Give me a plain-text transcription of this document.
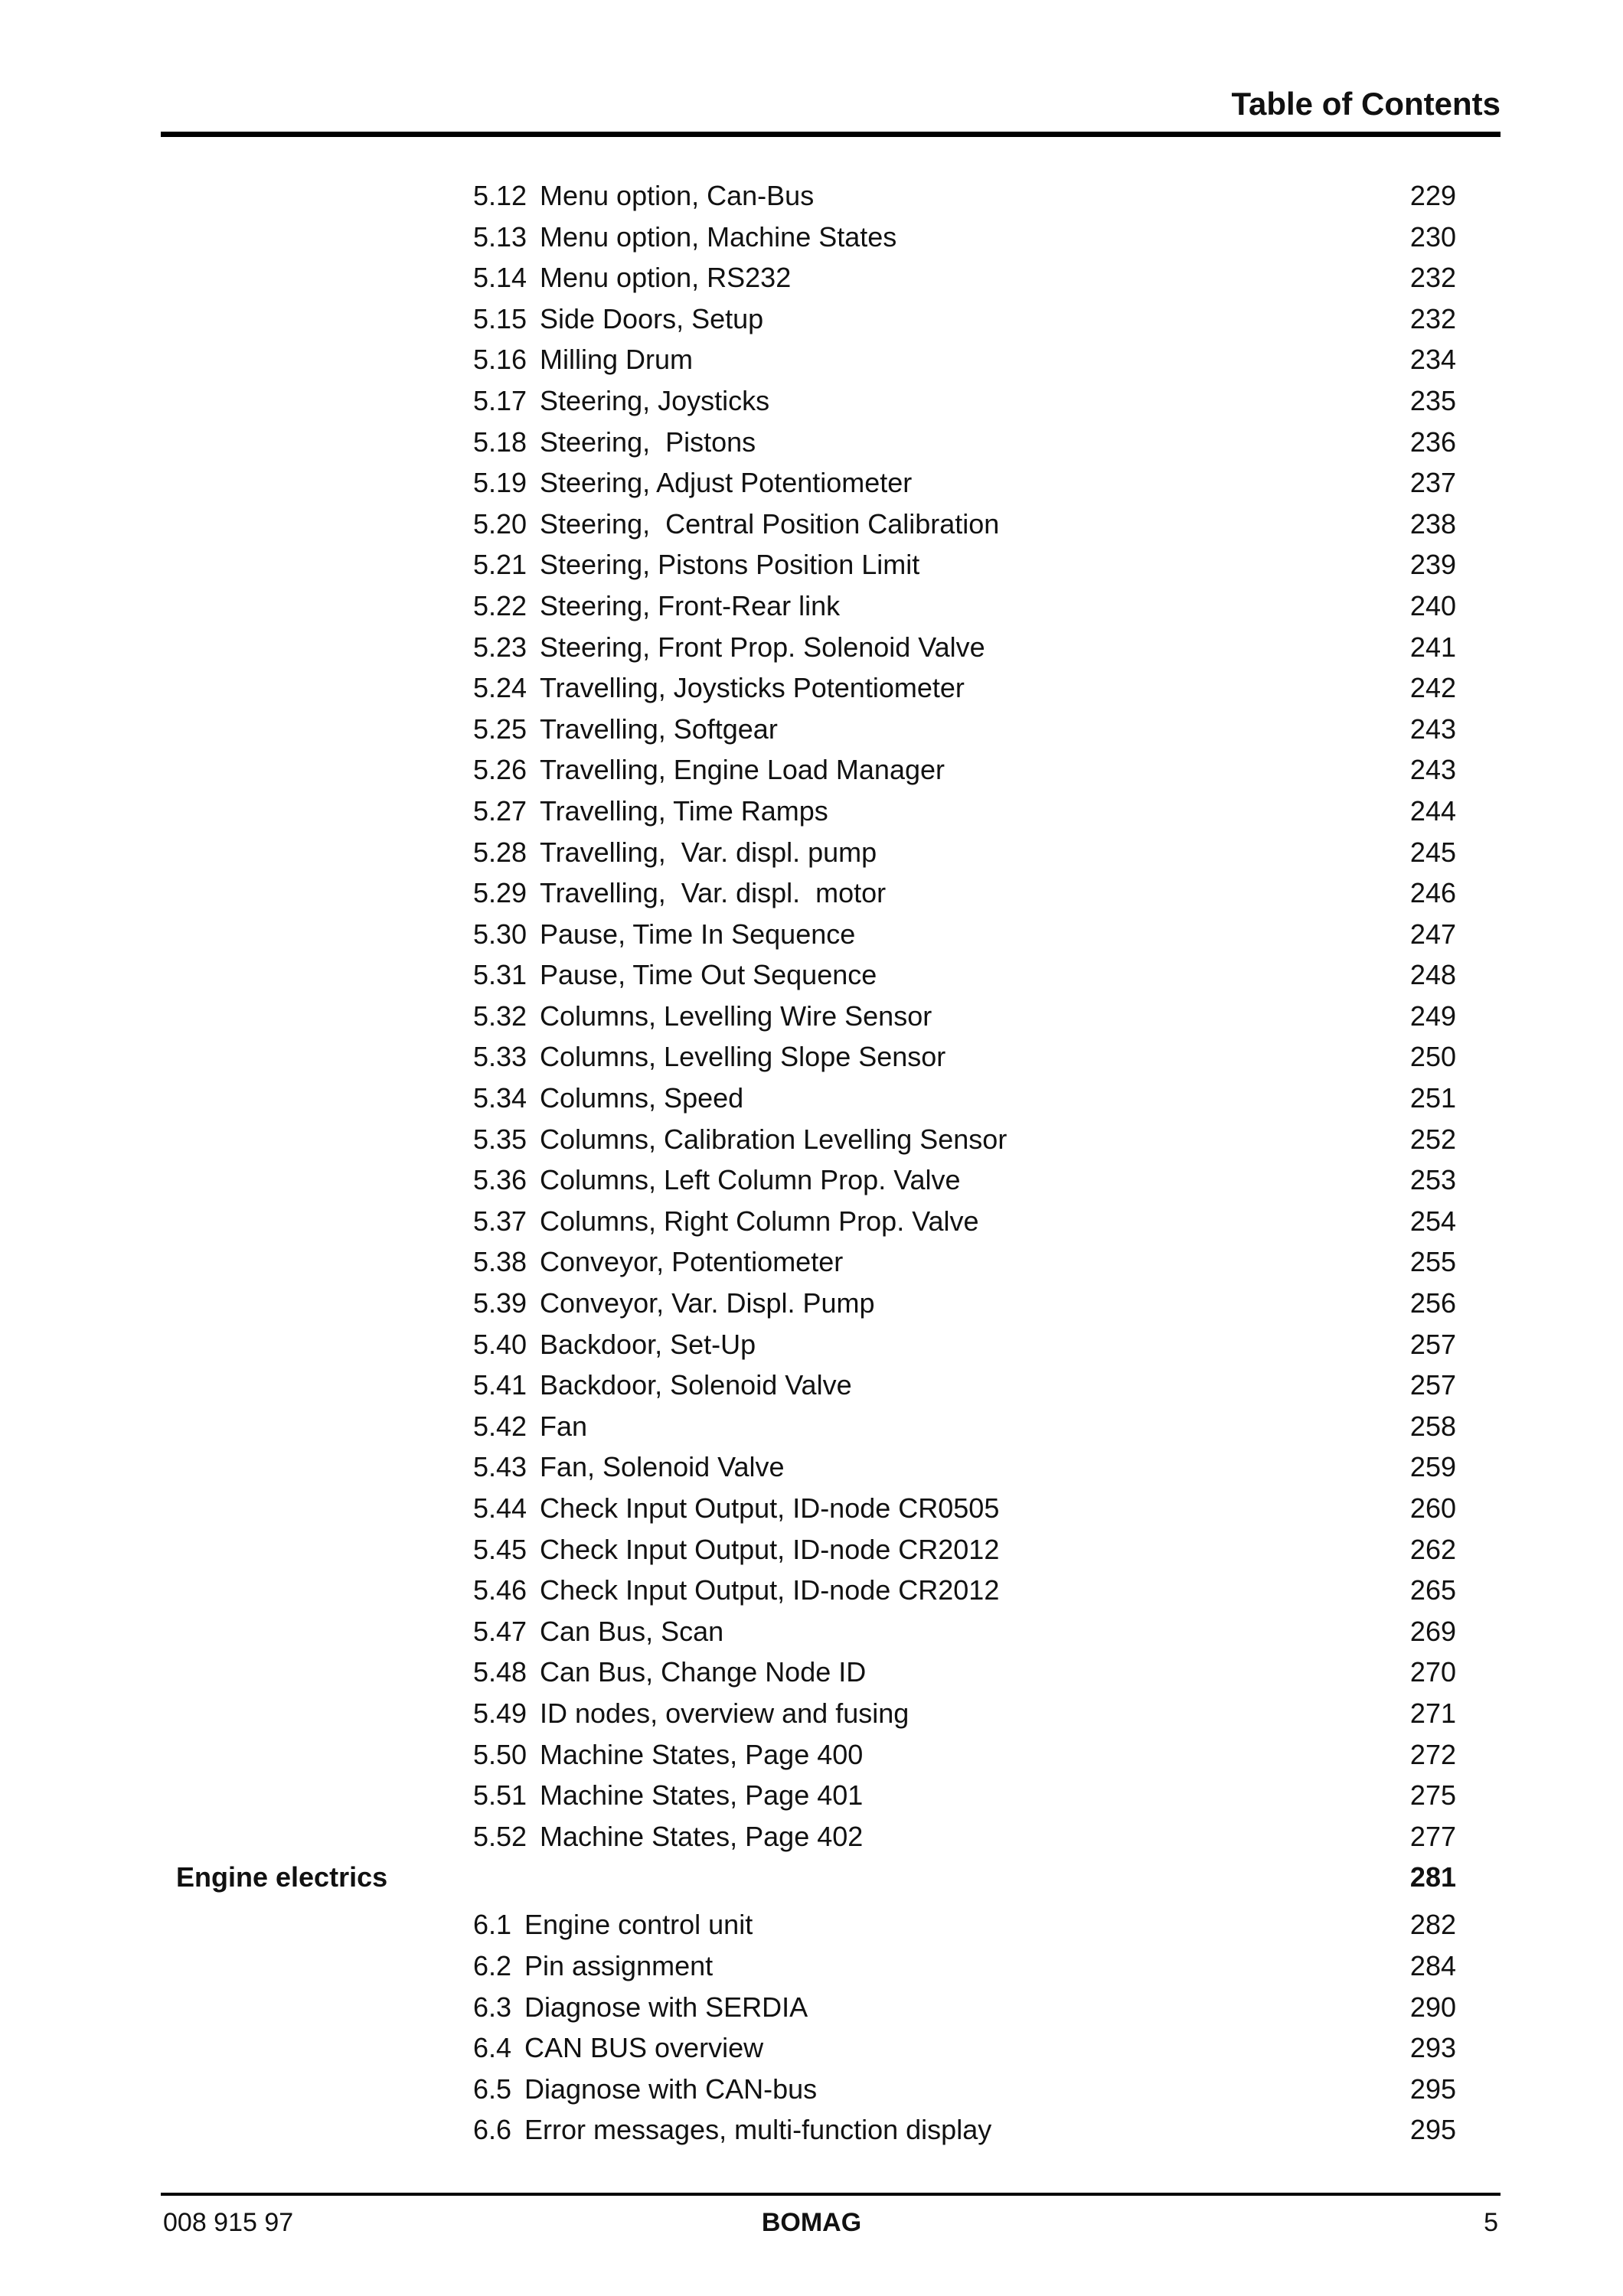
Table of Contents
5.12 Menu option, Can-Bus	229
5.13 Menu option, Machine States	230
5.14 Menu option, RS232	232
5.15 Side Doors, Setup	232
5.16 Milling Drum	234
5.17 Steering, Joysticks	235
5.18 Steering,  Pistons	236
5.19 Steering, Adjust Potentiometer	237
5.20 Steering,  Central Position Calibration	238
5.21 Steering, Pistons Position Limit	239
5.22 Steering, Front-Rear link	240
5.23 Steering, Front Prop. Solenoid Valve	241
5.24 Travelling, Joysticks Potentiometer	242
5.25 Travelling, Softgear	243
5.26 Travelling, Engine Load Manager	243
5.27 Travelling, Time Ramps	244
5.28 Travelling,  Var. displ. pump	245
5.29 Travelling,  Var. displ.  motor	246
5.30 Pause, Time In Sequence	247
5.31 Pause, Time Out Sequence	248
5.32 Columns, Levelling Wire Sensor	249
5.33 Columns, Levelling Slope Sensor	250
5.34 Columns, Speed	251
5.35 Columns, Calibration Levelling Sensor	252
5.36 Columns, Left Column Prop. Valve	253
5.37 Columns, Right Column Prop. Valve	254
5.38 Conveyor, Potentiometer	255
5.39 Conveyor, Var. Displ. Pump	256
5.40 Backdoor, Set-Up	257
5.41 Backdoor, Solenoid Valve	257
5.42 Fan	258
5.43 Fan, Solenoid Valve	259
5.44 Check Input Output, ID-node CR0505	260
5.45 Check Input Output, ID-node CR2012	262
5.46 Check Input Output, ID-node CR2012	265
5.47 Can Bus, Scan	269
5.48 Can Bus, Change Node ID	270
5.49 ID nodes, overview and fusing	271
5.50 Machine States, Page 400	272
5.51 Machine States, Page 401	275
5.52 Machine States, Page 402	277
Engine electrics	281
6.1 Engine control unit	282
6.2 Pin assignment	284
6.3 Diagnose with SERDIA	290
6.4 CAN BUS overview	293
6.5 Diagnose with CAN-bus	295
6.6 Error messages, multi-function display	295
008 915 97	BOMAG	5
